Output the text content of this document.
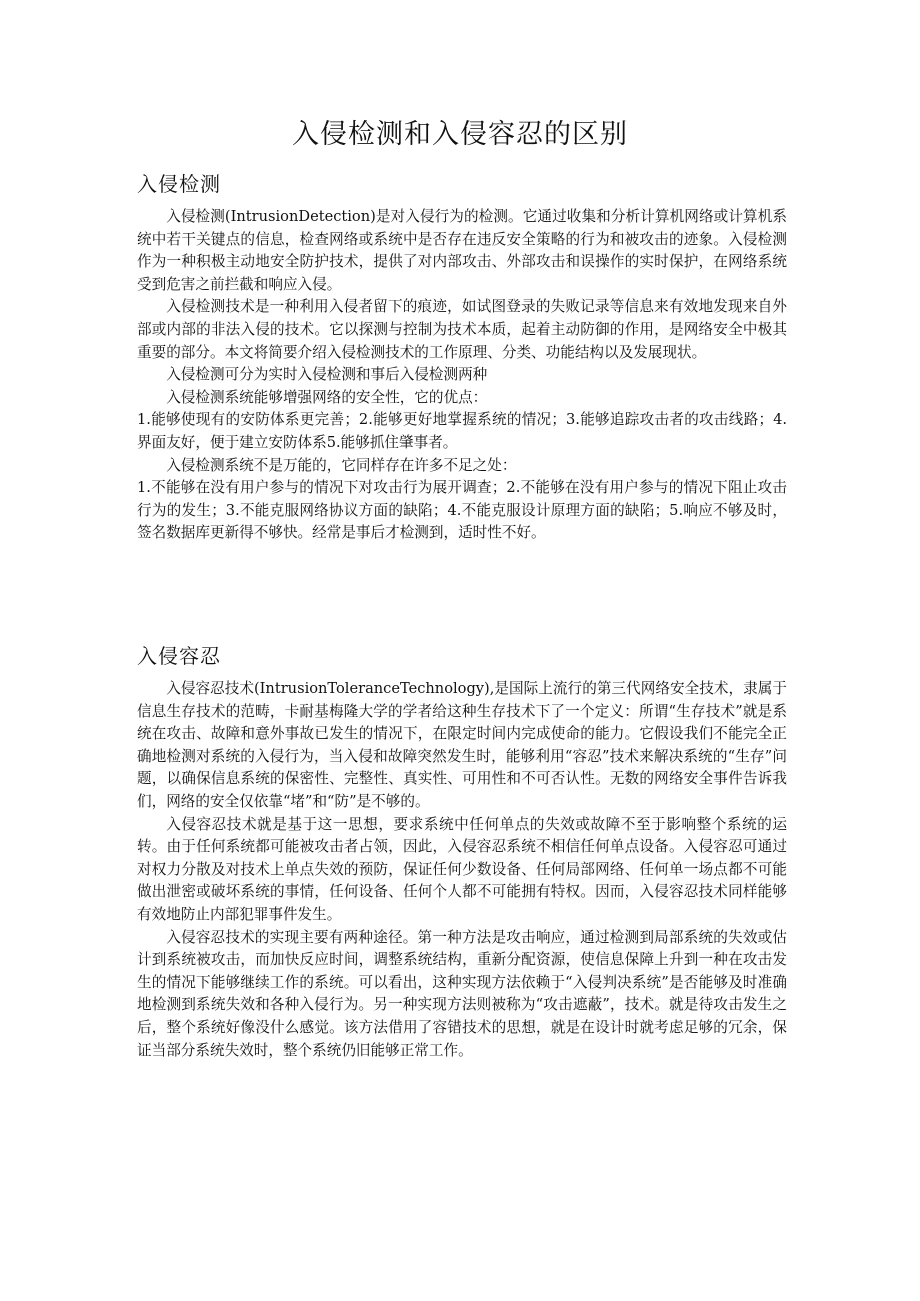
入侵检测和入侵容忍的区别
入侵检测

入侵检测(IntrusionDetection)是对入侵行为的检测。它通过收集和分析计算机网络或计算机系统中若干关键点的信息，检查网络或系统中是否存在违反安全策略的行为和被攻击的迹象。入侵检测作为一种积极主动地安全防护技术，提供了对内部攻击、外部攻击和误操作的实时保护，在网络系统受到危害之前拦截和响应入侵。

入侵检测技术是一种利用入侵者留下的痕迹，如试图登录的失败记录等信息来有效地发现来自外部或内部的非法入侵的技术。它以探测与控制为技术本质，起着主动防御的作用，是网络安全中极其重要的部分。本文将简要介绍入侵检测技术的工作原理、分类、功能结构以及发展现状。

入侵检测可分为实时入侵检测和事后入侵检测两种

入侵检测系统能够增强网络的安全性，它的优点：

1.能够使现有的安防体系更完善；2.能够更好地掌握系统的情况；3.能够追踪攻击者的攻击线路；4.界面友好，便于建立安防体系5.能够抓住肇事者。

入侵检测系统不是万能的，它同样存在许多不足之处：

1.不能够在没有用户参与的情况下对攻击行为展开调查；2.不能够在没有用户参与的情况下阻止攻击行为的发生；3.不能克服网络协议方面的缺陷；4.不能克服设计原理方面的缺陷；5.响应不够及时，签名数据库更新得不够快。经常是事后才检测到，适时性不好。

入侵容忍

入侵容忍技术(IntrusionToleranceTechnology),是国际上流行的第三代网络安全技术，隶属于信息生存技术的范畴，卡耐基梅隆大学的学者给这种生存技术下了一个定义：所谓“生存技术”就是系统在攻击、故障和意外事故已发生的情况下，在限定时间内完成使命的能力。它假设我们不能完全正确地检测对系统的入侵行为，当入侵和故障突然发生时，能够利用“容忍”技术来解决系统的“生存”问题，以确保信息系统的保密性、完整性、真实性、可用性和不可否认性。无数的网络安全事件告诉我们，网络的安全仅依靠“堵”和“防”是不够的。

入侵容忍技术就是基于这一思想，要求系统中任何单点的失效或故障不至于影响整个系统的运转。由于任何系统都可能被攻击者占领，因此，入侵容忍系统不相信任何单点设备。入侵容忍可通过对权力分散及对技术上单点失效的预防，保证任何少数设备、任何局部网络、任何单一场点都不可能做出泄密或破坏系统的事情，任何设备、任何个人都不可能拥有特权。因而，入侵容忍技术同样能够有效地防止内部犯罪事件发生。

入侵容忍技术的实现主要有两种途径。第一种方法是攻击响应，通过检测到局部系统的失效或估计到系统被攻击，而加快反应时间，调整系统结构，重新分配资源，使信息保障上升到一种在攻击发生的情况下能够继续工作的系统。可以看出，这种实现方法依赖于“入侵判决系统”是否能够及时准确地检测到系统失效和各种入侵行为。另一种实现方法则被称为“攻击遮蔽”，技术。就是待攻击发生之后，整个系统好像没什么感觉。该方法借用了容错技术的思想，就是在设计时就考虑足够的冗余，保证当部分系统失效时，整个系统仍旧能够正常工作。
